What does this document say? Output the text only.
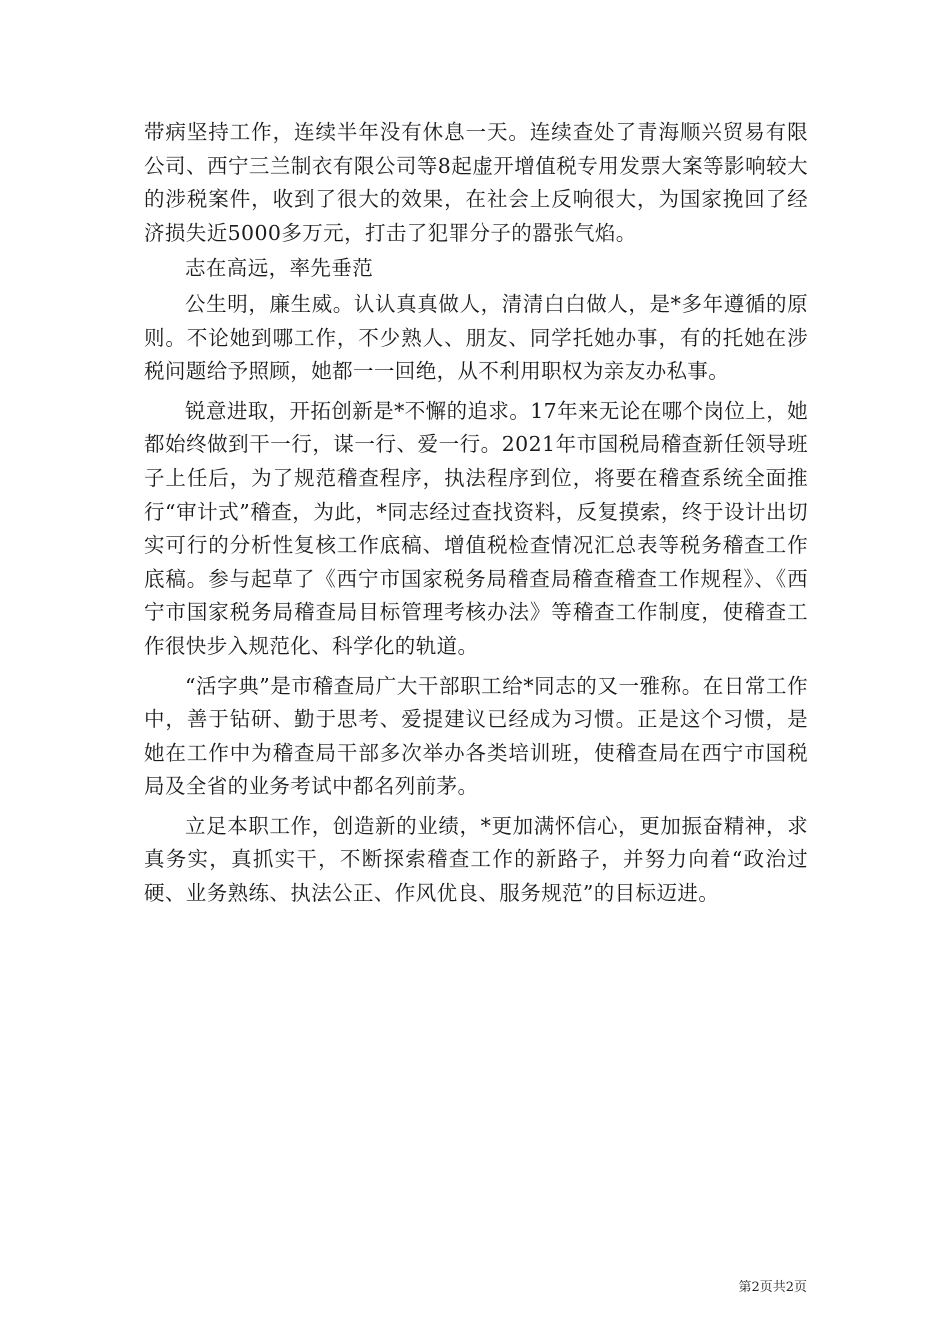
带病坚持工作，连续半年没有休息一天。连续查处了青海顺兴贸易有限公司、西宁三兰制衣有限公司等8起虚开增值税专用发票大案等影响较大的涉税案件，收到了很大的效果，在社会上反响很大，为国家挽回了经济损失近5000多万元，打击了犯罪分子的嚣张气焰。

志在高远，率先垂范

公生明，廉生威。认认真真做人，清清白白做人，是*多年遵循的原则。不论她到哪工作，不少熟人、朋友、同学托她办事，有的托她在涉税问题给予照顾，她都一一回绝，从不利用职权为亲友办私事。

锐意进取，开拓创新是*不懈的追求。17年来无论在哪个岗位上，她都始终做到干一行，谋一行、爱一行。2021年市国税局稽查新任领导班子上任后，为了规范稽查程序，执法程序到位，将要在稽查系统全面推行“审计式”稽查，为此，*同志经过查找资料，反复摸索，终于设计出切实可行的分析性复核工作底稿、增值税检查情况汇总表等税务稽查工作底稿。参与起草了《西宁市国家税务局稽查局稽查稽查工作规程》、《西宁市国家税务局稽查局目标管理考核办法》等稽查工作制度，使稽查工作很快步入规范化、科学化的轨道。

“活字典”是市稽查局广大干部职工给*同志的又一雅称。在日常工作中，善于钻研、勤于思考、爱提建议已经成为习惯。正是这个习惯，是她在工作中为稽查局干部多次举办各类培训班，使稽查局在西宁市国税局及全省的业务考试中都名列前茅。

立足本职工作，创造新的业绩，*更加满怀信心，更加振奋精神，求真务实，真抓实干，不断探索稽查工作的新路子，并努力向着“政治过硬、业务熟练、执法公正、作风优良、服务规范”的目标迈进。

第2页共2页
